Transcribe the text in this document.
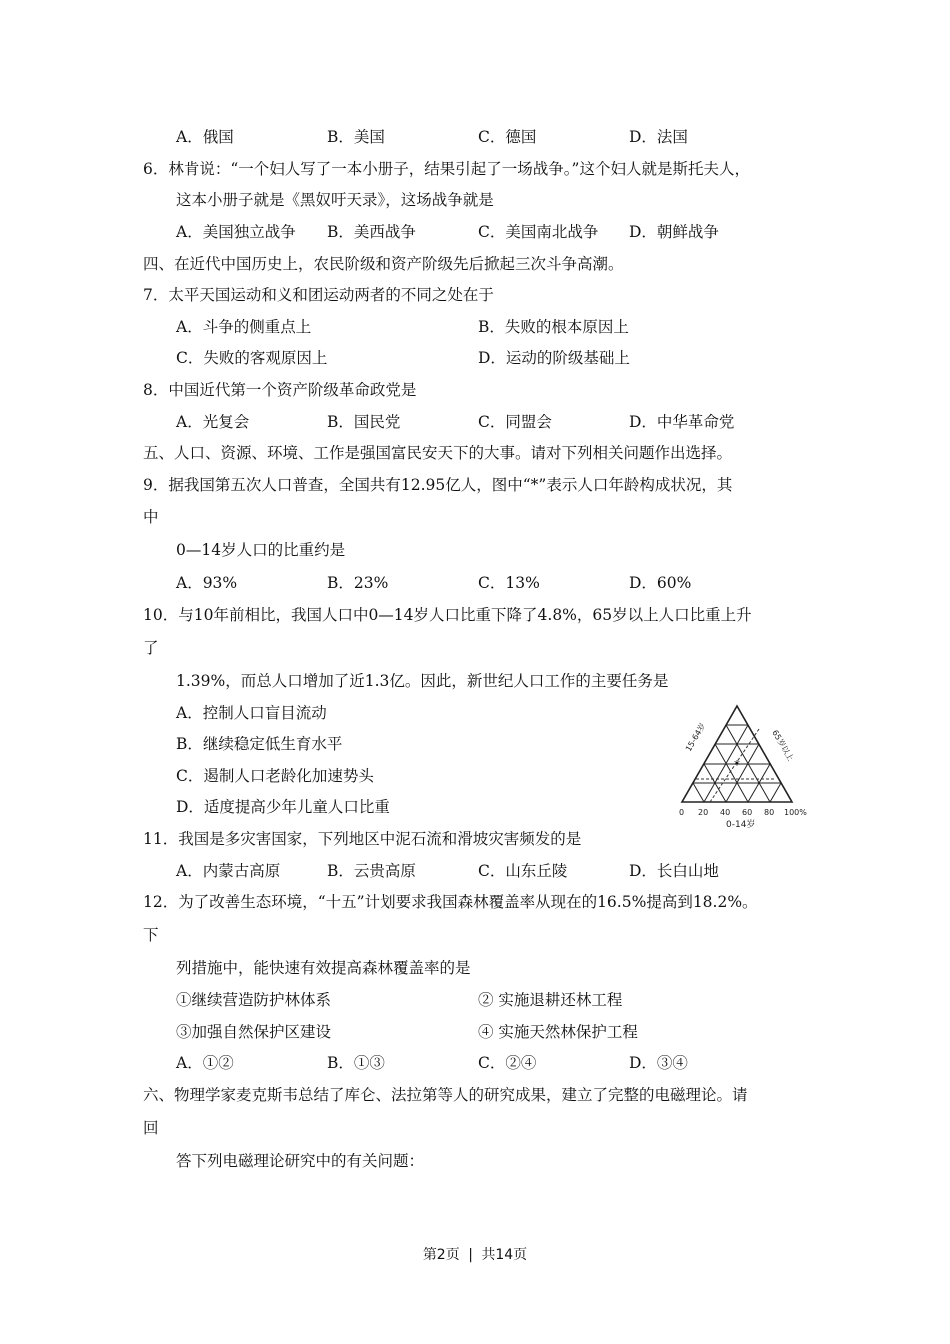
A．俄国	B．美国	C．德国	D．法国
6．林肯说：“一个妇人写了一本小册子，结果引起了一场战争。”这个妇人就是斯托夫人，
这本小册子就是《黑奴吁天录》，这场战争就是
A．美国独立战争 B．美西战争	C．美国南北战争 D．朝鲜战争
四、在近代中国历史上，农民阶级和资产阶级先后掀起三次斗争高潮。
7．太平天国运动和义和团运动两者的不同之处在于
A．斗争的侧重点上	B．失败的根本原因上
C．失败的客观原因上	D．运动的阶级基础上
8．中国近代第一个资产阶级革命政党是
A．光复会	B．国民党	C．同盟会	D．中华革命党
五、人口、资源、环境、工作是强国富民安天下的大事。请对下列相关问题作出选择。
9．据我国第五次人口普查，全国共有12.95亿人，图中“*”表示人口年龄构成状况，其
中
0—14岁人口的比重约是
A．93%	B．23%	C．13%	D．60%
10．与10年前相比，我国人口中0—14岁人口比重下降了4.8%，65岁以上人口比重上升
了
1.39%，而总人口增加了近1.3亿。因此，新世纪人口工作的主要任务是
A．控制人口盲目流动
B．继续稳定低生育水平
C．遏制人口老龄化加速势头
D．适度提高少年儿童人口比重
*
0 20 40 60 80 100%
0-14岁
15-64岁	65岁以上
11．我国是多灾害国家，下列地区中泥石流和滑坡灾害频发的是
A．内蒙古高原	B．云贵高原	C．山东丘陵	D．长白山地
12．为了改善生态环境，“十五”计划要求我国森林覆盖率从现在的16.5%提高到18.2%。
下
列措施中，能快速有效提高森林覆盖率的是
①继续营造防护林体系	② 实施退耕还林工程
③加强自然保护区建设	④ 实施天然林保护工程
A．①②	B．①③	C．②④	D．③④
六、物理学家麦克斯韦总结了库仑、法拉第等人的研究成果，建立了完整的电磁理论。请
回
答下列电磁理论研究中的有关问题：
第2页 | 共14页
